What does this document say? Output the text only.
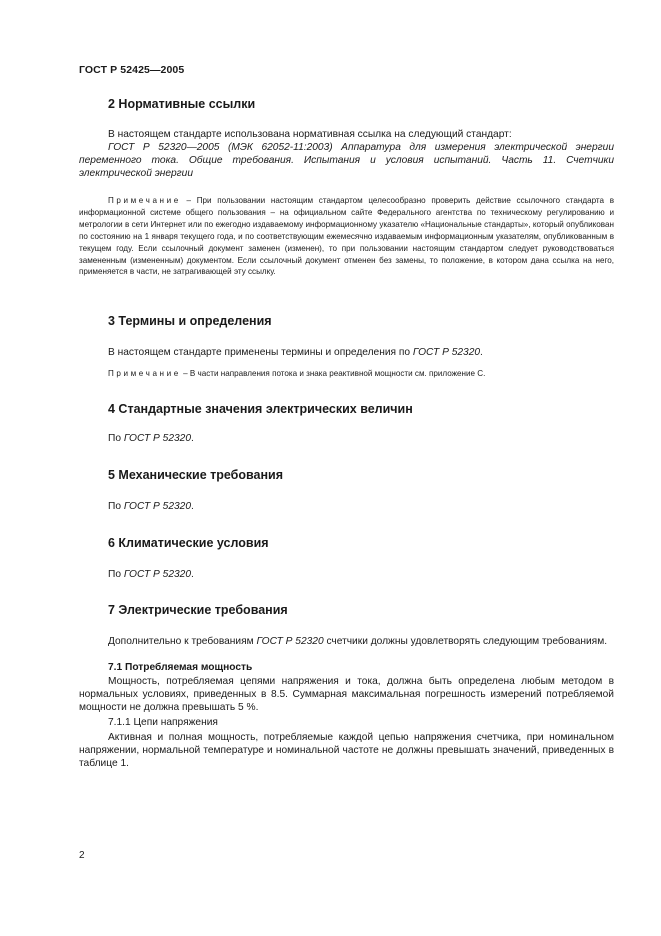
ГОСТ Р 52425—2005
2 Нормативные ссылки

В настоящем стандарте использована нормативная ссылка на следующий стандарт:

ГОСТ Р 52320—2005 (МЭК 62052-11:2003) Аппаратура для измерения электрической энергии переменного тока. Общие требования. Испытания и условия испытаний. Часть 11. Счетчики электрической энергии

Примечание – При пользовании настоящим стандартом целесообразно проверить действие ссылочного стандарта в информационной системе общего пользования – на официальном сайте Федерального агентства по техническому регулированию и метрологии в сети Интернет или по ежегодно издаваемому информационному указателю «Национальные стандарты», который опубликован по состоянию на 1 января текущего года, и по соответствующим ежемесячно издаваемым информационным указателям, опубликованным в текущем году. Если ссылочный документ заменен (изменен), то при пользовании настоящим стандартом следует руководствоваться замененным (измененным) документом. Если ссылочный документ отменен без замены, то положение, в котором дана ссылка на него, применяется в части, не затрагивающей эту ссылку.

3 Термины и определения

В настоящем стандарте применены термины и определения по ГОСТ Р 52320.

Примечание – В части направления потока и знака реактивной мощности см. приложение С.

4 Стандартные значения электрических величин

По ГОСТ Р 52320.

5 Механические требования

По ГОСТ Р 52320.

6 Климатические условия

По ГОСТ Р 52320.

7 Электрические требования

Дополнительно к требованиям ГОСТ Р 52320 счетчики должны удовлетворять следующим требованиям.

7.1 Потребляемая мощность

Мощность, потребляемая цепями напряжения и тока, должна быть определена любым методом в нормальных условиях, приведенных в 8.5. Суммарная максимальная погрешность измерений потребляемой мощности не должна превышать 5 %.

7.1.1 Цепи напряжения

Активная и полная мощность, потребляемые каждой цепью напряжения счетчика, при номинальном напряжении, нормальной температуре и номинальной частоте не должны превышать значений, приведенных в таблице 1.

2
